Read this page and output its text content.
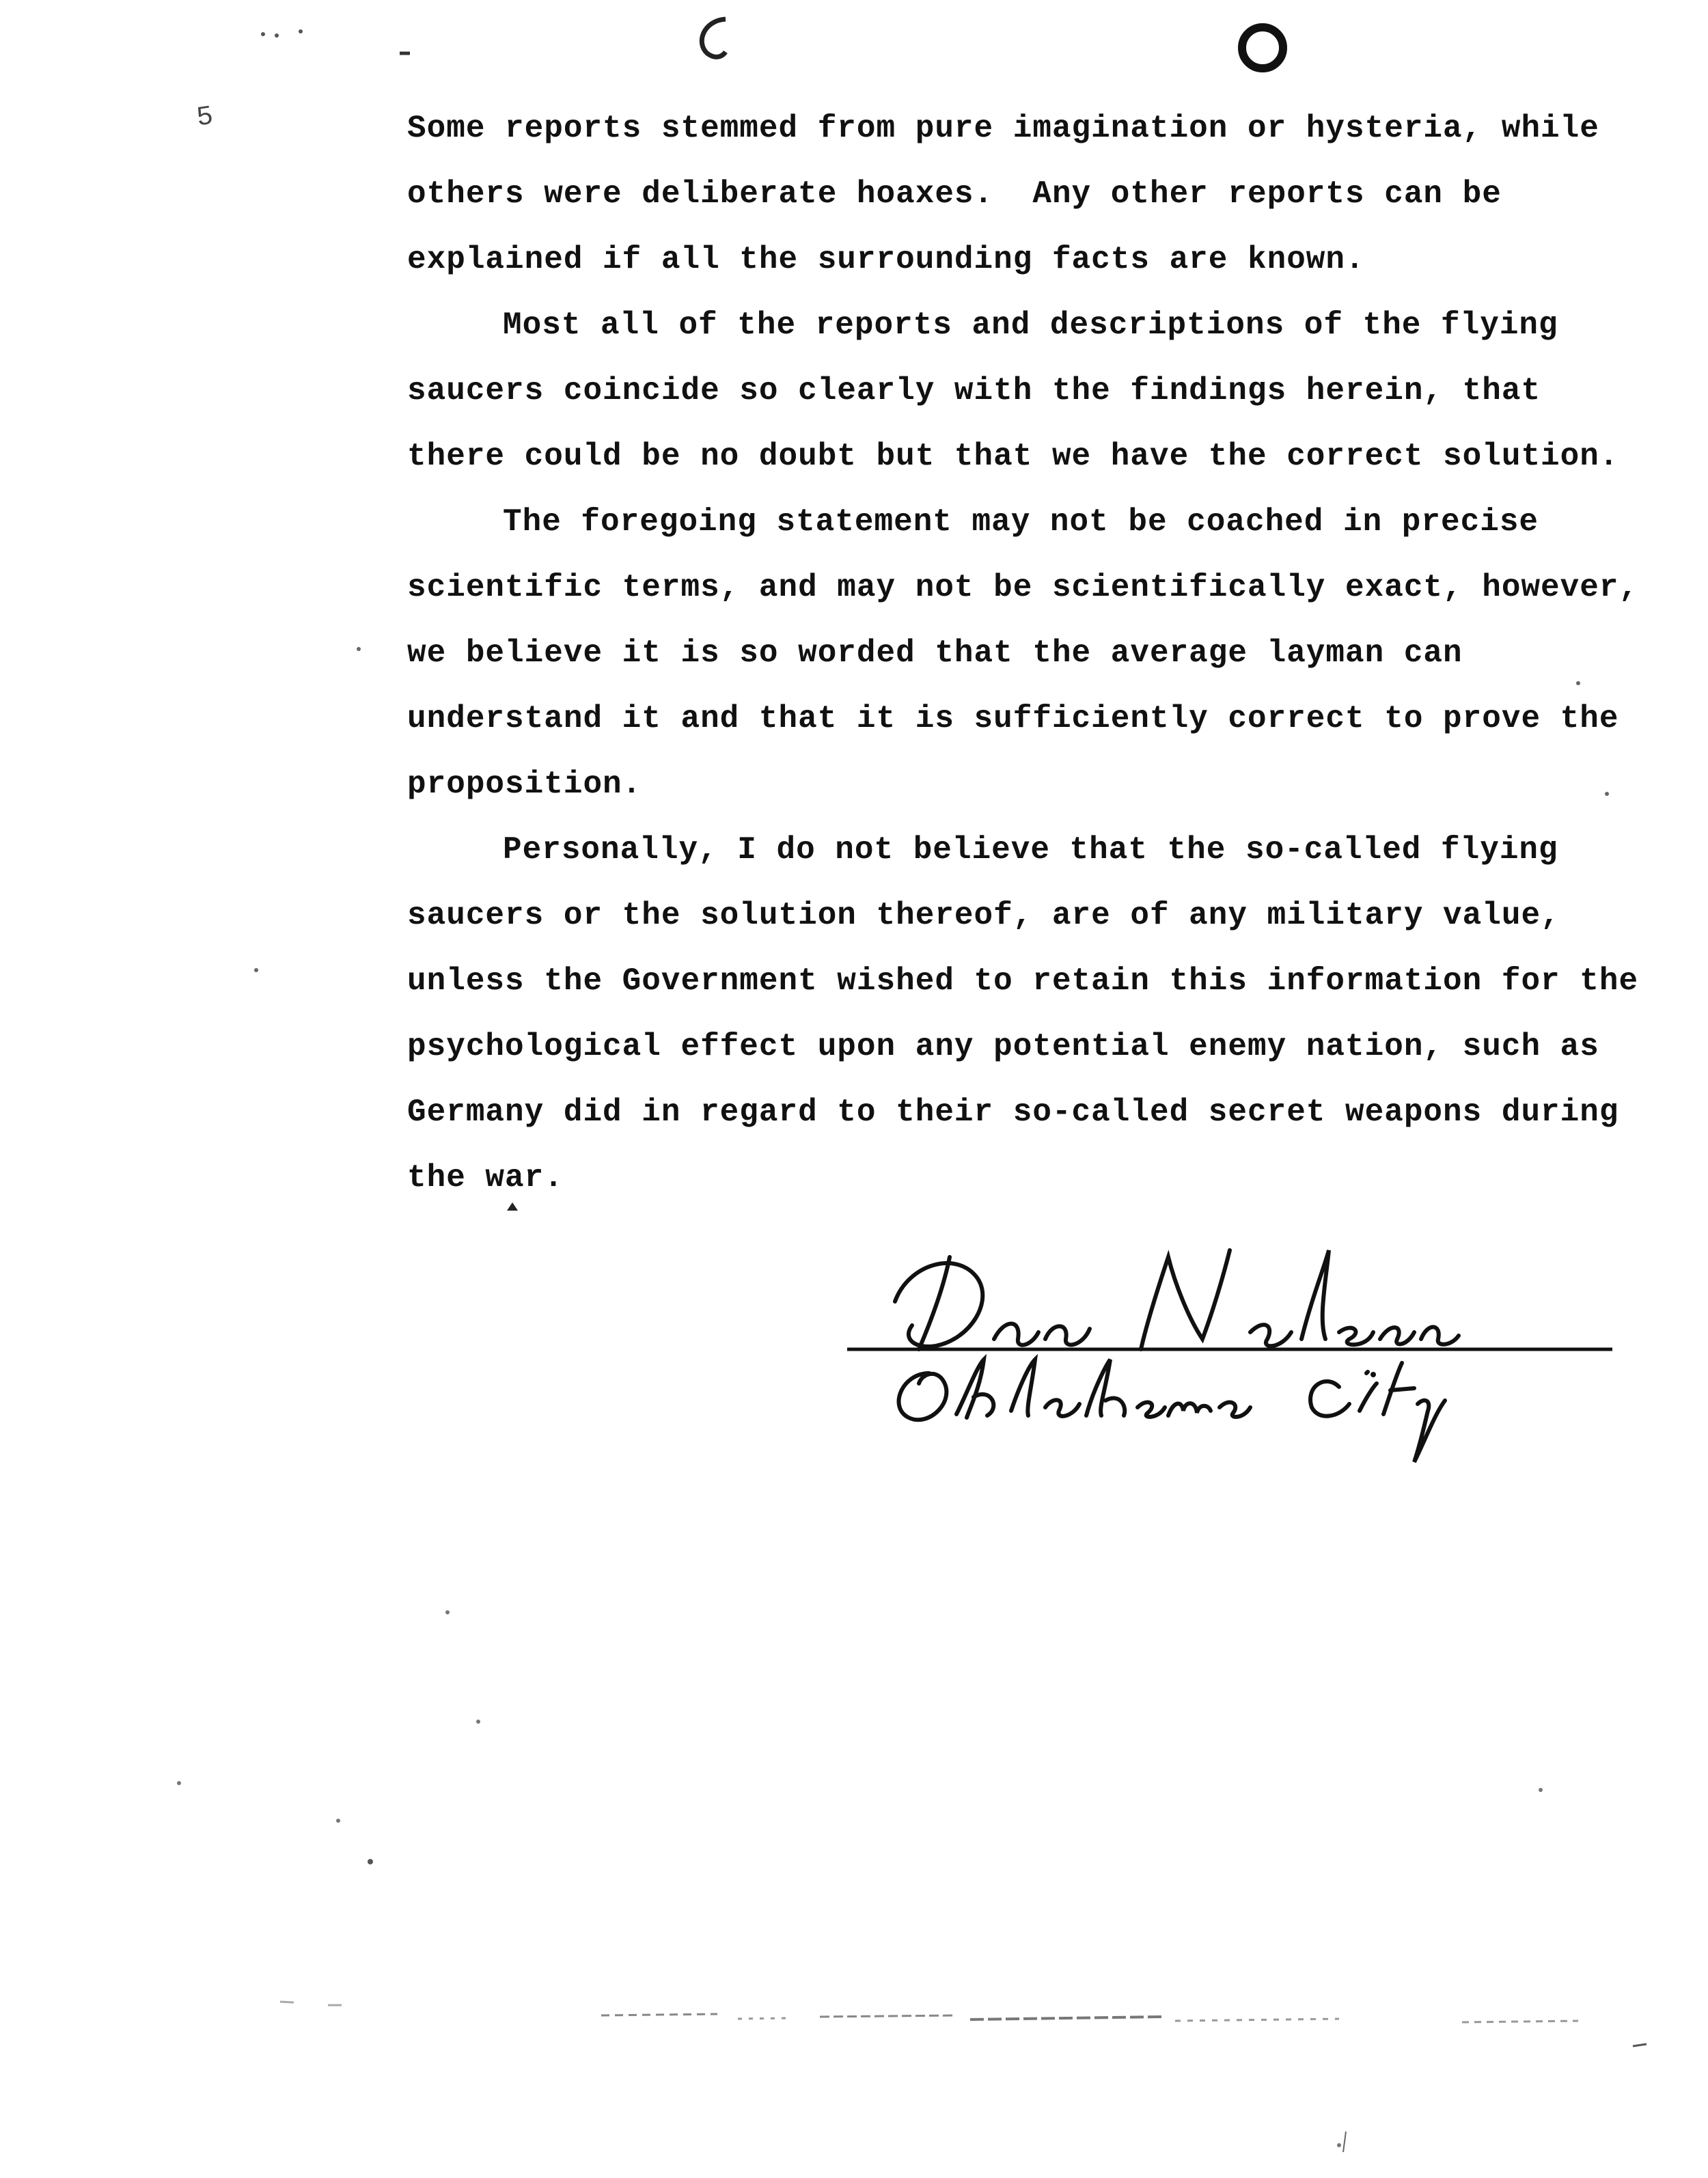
5	Some reports stemmed from pure imagination or hysteria, while others were deliberate hoaxes.  Any other reports can be explained if all the surrounding facts are known.

Most all of the reports and descriptions of the flying saucers coincide so clearly with the findings herein, that there could be no doubt but that we have the correct solution.

The foregoing statement may not be coached in precise scientific terms, and may not be scientifically exact, however, we believe it is so worded that the average layman can understand it and that it is sufficiently correct to prove the proposition.

Personally, I do not believe that the so-called flying saucers or the solution thereof, are of any military value, unless the Government wished to retain this information for the psychological effect upon any potential enemy nation, such as Germany did in regard to their so-called secret weapons during the war.
